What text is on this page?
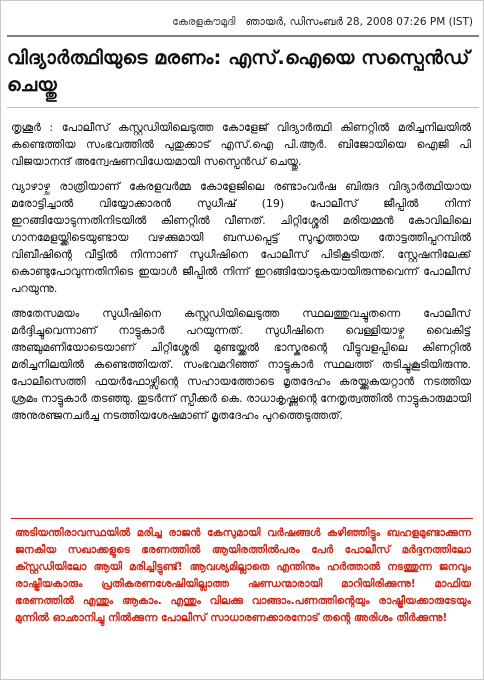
കേരളകൗമുദി ഞായർ, ഡിസംബർ 28, 2008 07:26 PM (IST)
വിദ്യാർത്ഥിയുടെ മരണം: എസ്.ഐയെ സസ്പെൻഡ് ചെയ്തു

തൃശൂർ : പോലീസ് കസ്റ്റഡിയിലെടുത്ത കോളേജ് വിദ്യാർത്ഥി കിണറ്റിൽ മരിച്ചനിലയിൽ കണ്ടെത്തിയ സംഭവത്തിൽ പുതുക്കാട് എസ്.ഐ പി.ആർ. ബിജോയിയെ ഐജി പി വിജയാനന്ദ് അന്വേഷണവിധേയമായി സസ്പെൻഡ് ചെയ്തു.

വ്യാഴാഴ്ച രാത്രിയാണ് കേരളവർമ്മ കോളേജിലെ രണ്ടാംവർഷ ബിരുദ വിദ്യാർത്ഥിയായ മരോട്ടിച്ചാൽ വിയ്യോക്കാരൻ സുധീഷ് (19) പോലീസ് ജീപ്പിൽ നിന്ന് ഇറങ്ങിയോടുന്നതിനിടയിൽ കിണറ്റിൽ വീണത്. ചിറ്റിശ്ശേരി മരിയമ്മൻ കോവിലിലെ ഗാനമേളയ്ക്കിടെയുണ്ടായ വഴക്കുമായി ബന്ധപ്പെട്ട് സുഹൃത്തായ തോട്ടത്തിപ്പറമ്പിൽ വിബീഷിന്റെ വീട്ടിൽ നിന്നാണ് സുധീഷിനെ പോലീസ് പിടികൂടിയത്. സ്റ്റേഷനിലേക്ക് കൊണ്ടുപോവുന്നതിനിടെ ഇയാൾ ജീപ്പിൽ നിന്ന് ഇറങ്ങിയോടുകയായിരുന്നുവെന്ന് പോലീസ് പറയുന്നു.

അതേസമയം സുധീഷിനെ കസ്റ്റഡിയിലെടുത്ത സ്ഥലത്തുവച്ചുതന്നെ പോലീസ് മർദ്ദിച്ചുവെന്നാണ് നാട്ടുകാർ പറയുന്നത്. സുധീഷിനെ വെള്ളിയാഴ്ച വൈകിട്ട് അഞ്ചുമണിയോടെയാണ് ചിറ്റിശ്ശേരി മുണ്ടയ്ക്കൽ ഭാസ്കരന്റെ വീട്ടുവളപ്പിലെ കിണറ്റിൽ മരിച്ചനിലയിൽ കണ്ടെത്തിയത്. സംഭവമറിഞ്ഞ് നാട്ടുകാർ സ്ഥലത്ത് തടിച്ചുകൂടിയിരുന്നു. പോലീസെത്തി ഫയർഫോഴ്സിന്റെ സഹായത്തോടെ മൃതദേഹം കരയ്ക്കുകയറ്റാൻ നടത്തിയ ശ്രമം നാട്ടുകാർ തടഞ്ഞു. തുടർന്ന് സ്പീക്കർ കെ. രാധാകൃഷ്ണന്റെ നേതൃത്വത്തിൽ നാട്ടുകാരുമായി അനുരഞ്ജനചർച്ച നടത്തിയശേഷമാണ് മൃതദേഹം പുറത്തെടുത്തത്.

അടിയന്തിരാവസ്ഥയിൽ മരിച്ച രാജൻ കേസുമായി വർഷങ്ങൾ കഴിഞ്ഞിട്ടും ബഹളമുണ്ടാക്കുന്ന ജനകീയ സഖാക്കളുടെ ഭരണത്തിൽ ആയിരത്തിൽപരം പേർ പോലീസ് മർദ്ദനത്തിലോ ക്സ്റ്റഡിയിലോ ആയി മരിച്ചിട്ടുണ്ട്! ആവശ്യമില്ലാതെ എന്തിനും ഹർത്താൽ നടത്തുന്ന ജനവും രാഷ്ട്രീയകാരും പ്രതികരണശേഷിയില്ലാത്ത ഷണ്ഡന്മാരായി മാറിയിരിക്കുന്നു! മാഫിയ ഭരണത്തിൽ എന്തും ആകാം. എന്തും വിലക്കു വാങ്ങാം.പണത്തിന്റെയും രാഷ്ട്രീയക്കാരുടേയും മുന്നിൽ ഓഛാനിച്ചു നിൽക്കുന്ന പോലീസ് സാധാരണക്കാരനോട് തന്റെ അരിശം തീർക്കുന്നു!
